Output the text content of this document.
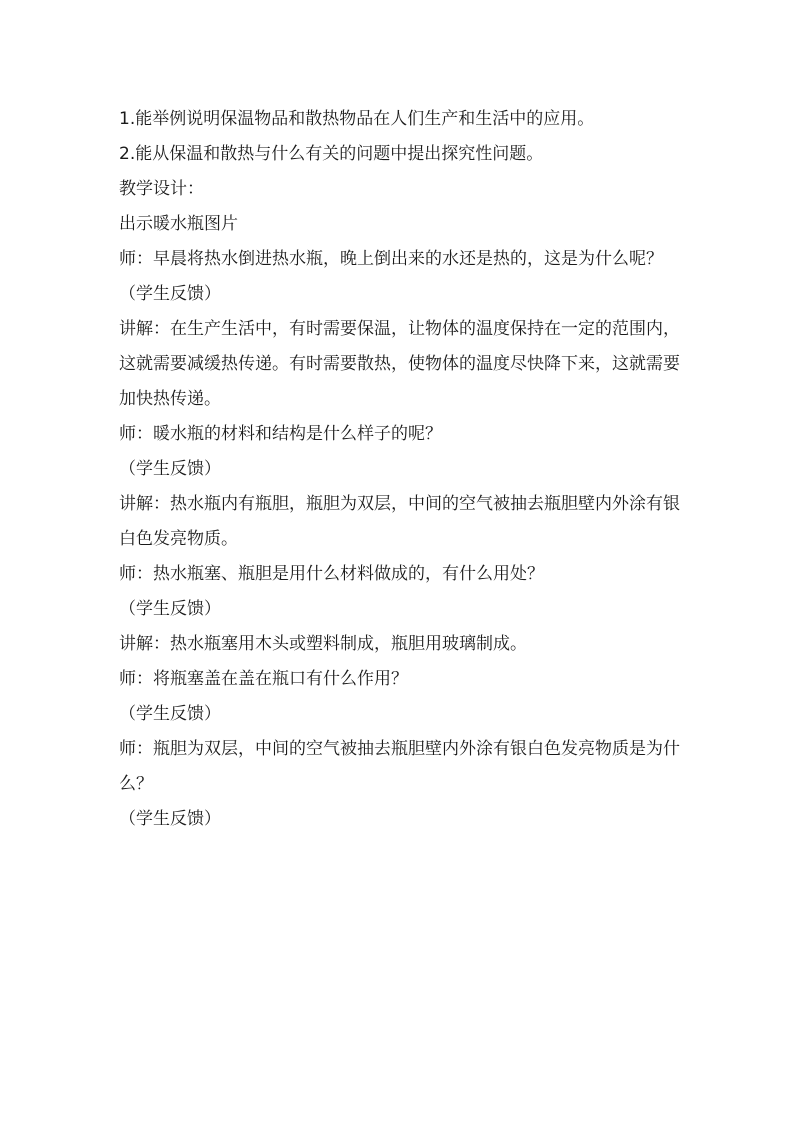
1.能举例说明保温物品和散热物品在人们生产和生活中的应用。

2.能从保温和散热与什么有关的问题中提出探究性问题。

教学设计：

出示暖水瓶图片

师：早晨将热水倒进热水瓶，晚上倒出来的水还是热的，这是为什么呢？

（学生反馈）

讲解：在生产生活中，有时需要保温，让物体的温度保持在一定的范围内，这就需要减缓热传递。有时需要散热，使物体的温度尽快降下来，这就需要加快热传递。

师：暖水瓶的材料和结构是什么样子的呢？

（学生反馈）

讲解：热水瓶内有瓶胆，瓶胆为双层，中间的空气被抽去瓶胆壁内外涂有银白色发亮物质。

师：热水瓶塞、瓶胆是用什么材料做成的，有什么用处？

（学生反馈）

讲解：热水瓶塞用木头或塑料制成，瓶胆用玻璃制成。

师：将瓶塞盖在盖在瓶口有什么作用？

（学生反馈）

师：瓶胆为双层，中间的空气被抽去瓶胆壁内外涂有银白色发亮物质是为什么？

（学生反馈）
